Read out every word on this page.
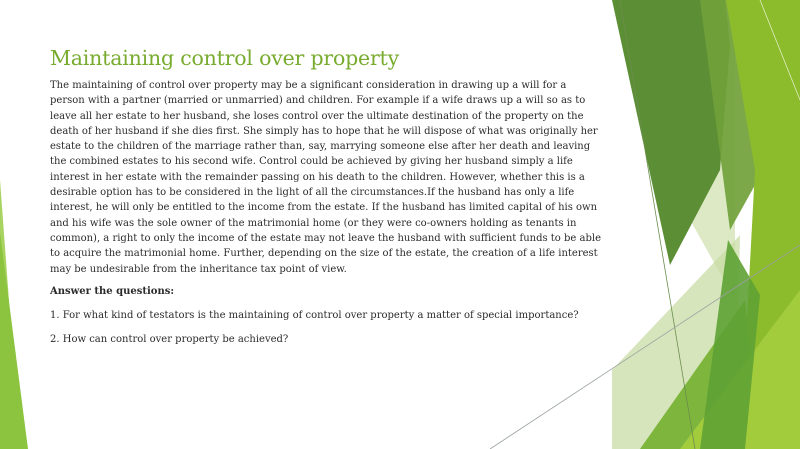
Maintaining control over property

The maintaining of control over property may be a significant consideration in drawing up a will for a person with a partner (married or unmarried) and children. For example if a wife draws up a will so as to leave all her estate to her husband, she loses control over the ultimate destination of the property on the death of her husband if she dies first. She simply has to hope that he will dispose of what was originally her estate to the children of the marriage rather than, say, marrying someone else after her death and leaving the combined estates to his second wife. Control could be achieved by giving her husband simply a life interest in her estate with the remainder passing on his death to the children. However, whether this is a desirable option has to be considered in the light of all the circumstances.If the husband has only a life interest, he will only be entitled to the income from the estate. If the husband has limited capital of his own and his wife was the sole owner of the matrimonial home (or they were co-owners holding as tenants in common), a right to only the income of the estate may not leave the husband with sufficient funds to be able to acquire the matrimonial home. Further, depending on the size of the estate, the creation of a life interest may be undesirable from the inheritance tax point of view.

Answer the questions:

1. For what kind of testators is the maintaining of control over property a matter of special importance?

2. How can control over property be achieved?
